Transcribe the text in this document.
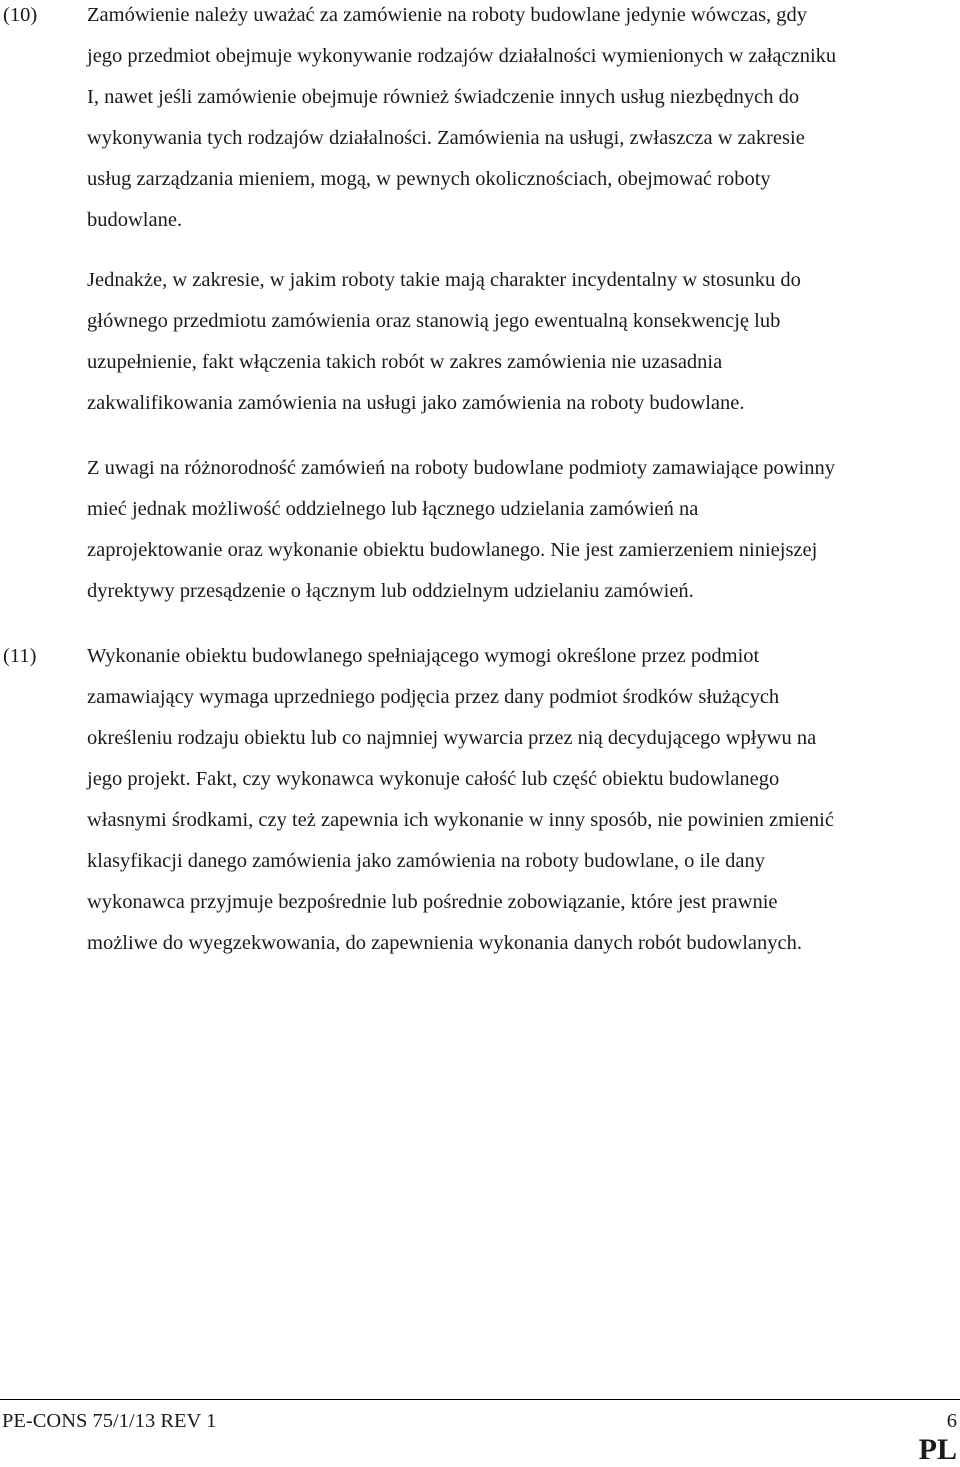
(10) Zamówienie należy uważać za zamówienie na roboty budowlane jedynie wówczas, gdy
jego przedmiot obejmuje wykonywanie rodzajów działalności wymienionych w załączniku
I, nawet jeśli zamówienie obejmuje również świadczenie innych usług niezbędnych do
wykonywania tych rodzajów działalności. Zamówienia na usługi, zwłaszcza w zakresie
usług zarządzania mieniem, mogą, w pewnych okolicznościach, obejmować roboty
budowlane.
Jednakże, w zakresie, w jakim roboty takie mają charakter incydentalny w stosunku do
głównego przedmiotu zamówienia oraz stanowią jego ewentualną konsekwencję lub
uzupełnienie, fakt włączenia takich robót w zakres zamówienia nie uzasadnia
zakwalifikowania zamówienia na usługi jako zamówienia na roboty budowlane.
Z uwagi na różnorodność zamówień na roboty budowlane podmioty zamawiające powinny
mieć jednak możliwość oddzielnego lub łącznego udzielania zamówień na
zaprojektowanie oraz wykonanie obiektu budowlanego. Nie jest zamierzeniem niniejszej
dyrektywy przesądzenie o łącznym lub oddzielnym udzielaniu zamówień.
(11) Wykonanie obiektu budowlanego spełniającego wymogi określone przez podmiot
zamawiający wymaga uprzedniego podjęcia przez dany podmiot środków służących
określeniu rodzaju obiektu lub co najmniej wywarcia przez nią decydującego wpływu na
jego projekt. Fakt, czy wykonawca wykonuje całość lub część obiektu budowlanego
własnymi środkami, czy też zapewnia ich wykonanie w inny sposób, nie powinien zmienić
klasyfikacji danego zamówienia jako zamówienia na roboty budowlane, o ile dany
wykonawca przyjmuje bezpośrednie lub pośrednie zobowiązanie, które jest prawnie
możliwe do wyegzekwowania, do zapewnienia wykonania danych robót budowlanych.
PE-CONS 75/1/13 REV 1	6
PL
